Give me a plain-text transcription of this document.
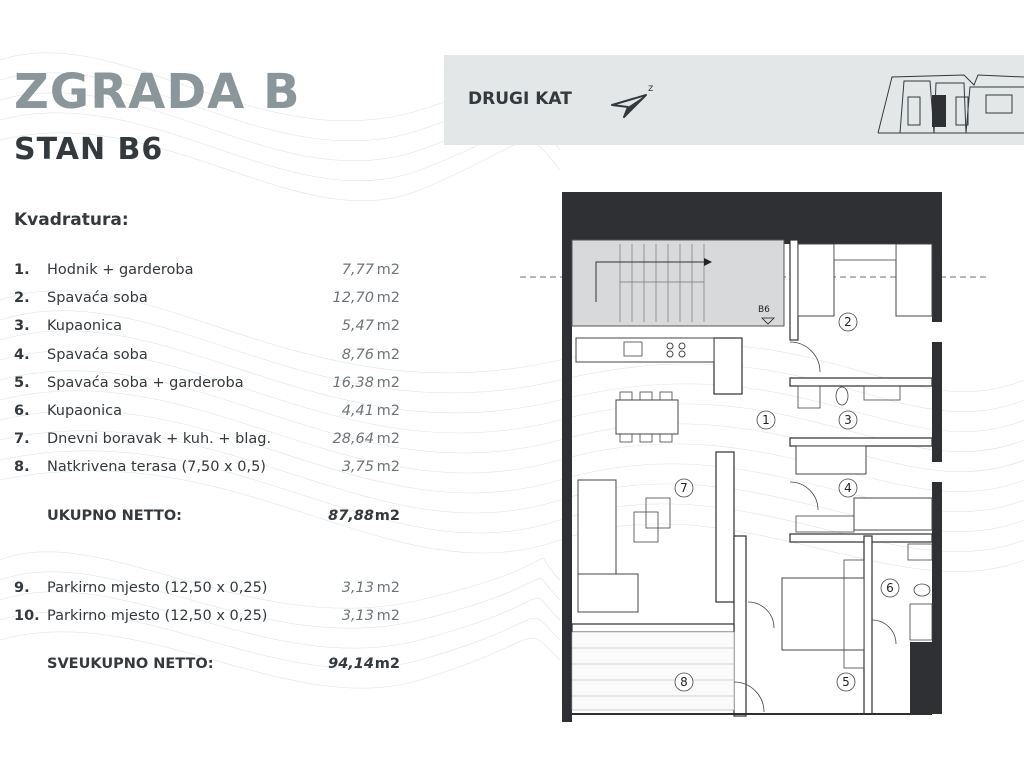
ZGRADA B
STAN B6
Kvadratura:
1. Hodnik + garderoba	7,77 m2
2. Spavaća soba	12,70 m2
3. Kupaonica	5,47 m2
4. Spavaća soba	8,76 m2
5. Spavaća soba + garderoba	16,38 m2
6. Kupaonica	4,41 m2
7. Dnevni boravak + kuh. + blag.	28,64 m2
8. Natkrivena terasa (7,50 x 0,5)	3,75 m2
UKUPNO NETTO:	87,88 m2
9. Parkirno mjesto (12,50 x 0,25)	3,13 m2
10. Parkirno mjesto (12,50 x 0,25)	3,13 m2
SVEUKUPNO NETTO:	94,14 m2
DRUGI KAT
z
B6
1
2
3
4
5
6
7
8
